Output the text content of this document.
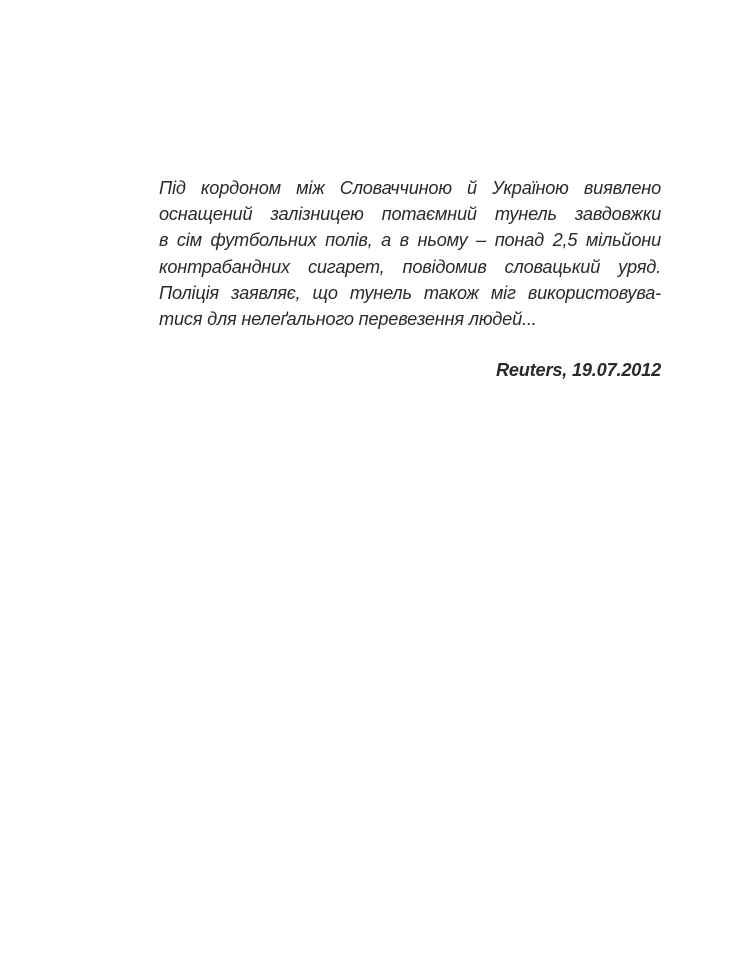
Під кордоном між Словаччиною й Україною виявлено
оснащений залізницею потаємний тунель завдовжки
в сім футбольних полів, а в ньому – понад 2,5 мільйони
контрабандних сигарет, повідомив словацький уряд.
Поліція заявляє, що тунель також міг використовува-
тися для нелеґального перевезення людей...
Reuters, 19.07.2012
